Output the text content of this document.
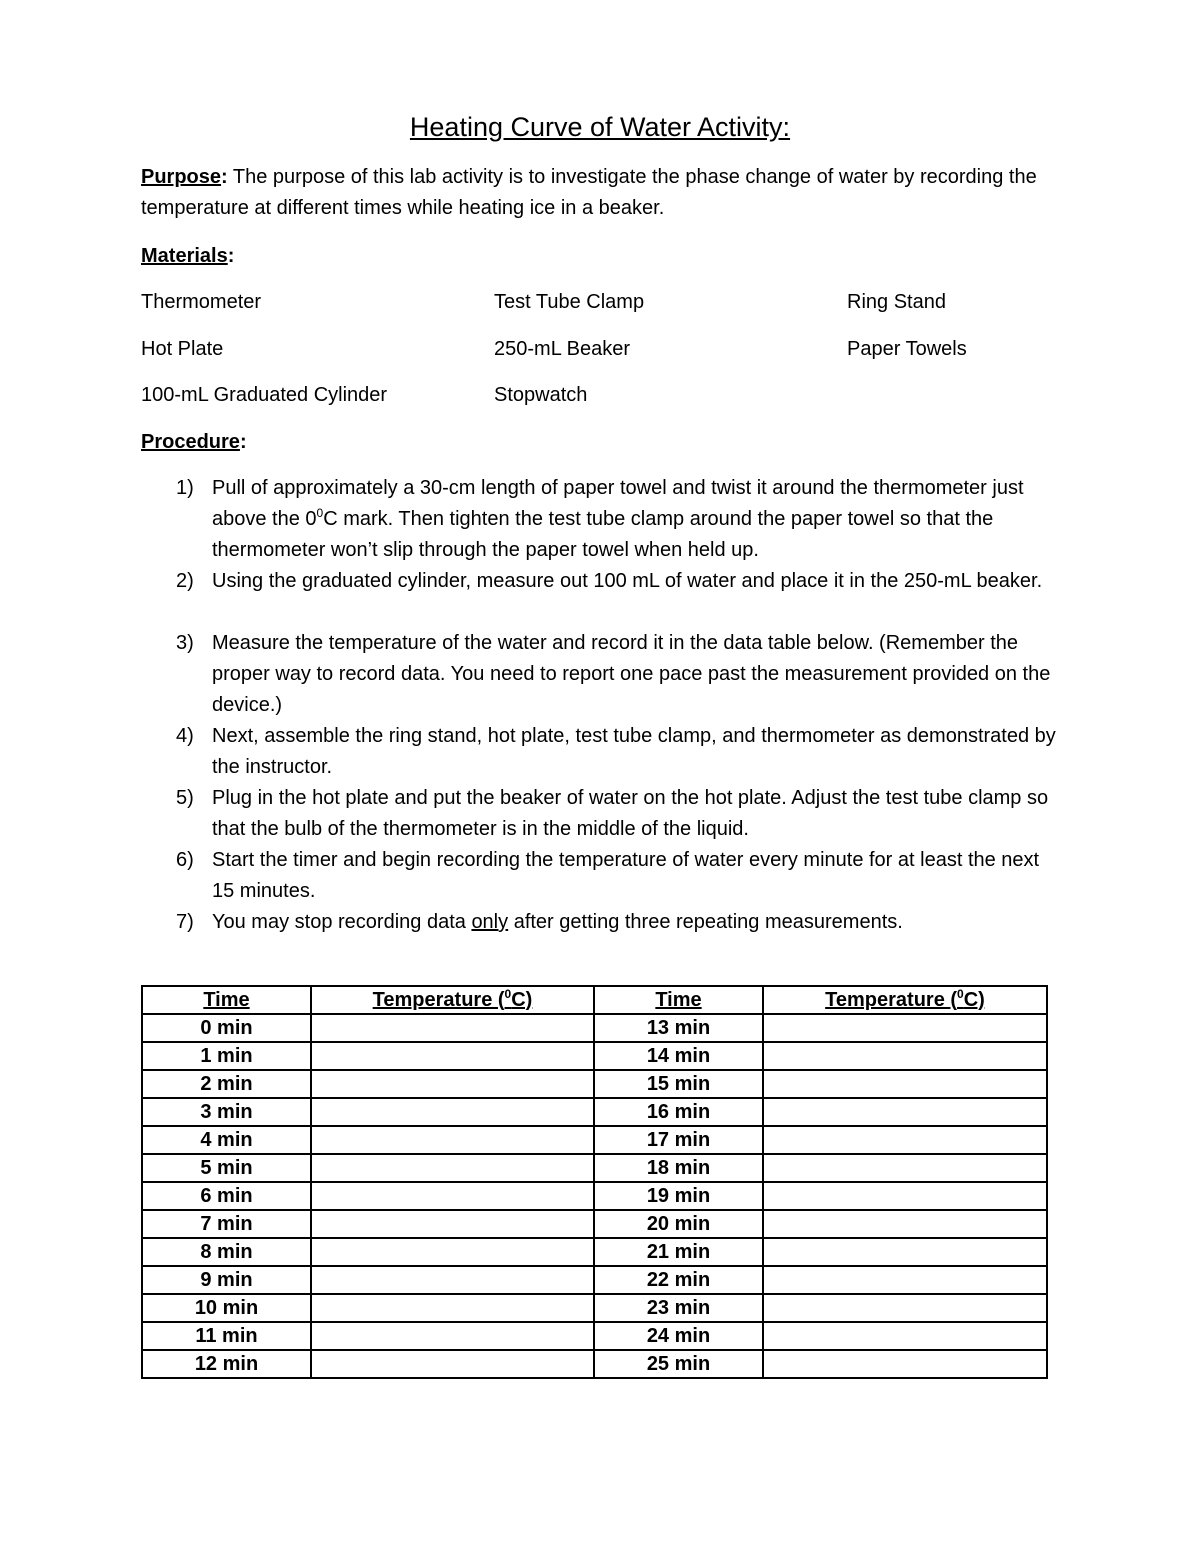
Heating Curve of Water Activity:
Purpose: The purpose of this lab activity is to investigate the phase change of water by recording the temperature at different times while heating ice in a beaker.
Materials:
Thermometer	Test Tube Clamp	Ring Stand
Hot Plate	250-mL Beaker	Paper Towels
100-mL Graduated Cylinder	Stopwatch
Procedure:
1) Pull of approximately a 30-cm length of paper towel and twist it around the thermometer just above the $0^0C$ mark. Then tighten the test tube clamp around the paper towel so that the thermometer won’t slip through the paper towel when held up.
2) Using the graduated cylinder, measure out 100 mL of water and place it in the 250-mL beaker.
3) Measure the temperature of the water and record it in the data table below. (Remember the proper way to record data. You need to report one pace past the measurement provided on the device.)
4) Next, assemble the ring stand, hot plate, test tube clamp, and thermometer as demonstrated by the instructor.
5) Plug in the hot plate and put the beaker of water on the hot plate. Adjust the test tube clamp so that the bulb of the thermometer is in the middle of the liquid.
6) Start the timer and begin recording the temperature of water every minute for at least the next 15 minutes.
7) You may stop recording data only after getting three repeating measurements.
Time	Temperature ($^0$C)	Time	Temperature ($^0$C)
0 min		13 min	
1 min		14 min	
2 min		15 min	
3 min		16 min	
4 min		17 min	
5 min		18 min	
6 min		19 min	
7 min		20 min	
8 min		21 min	
9 min		22 min	
10 min		23 min	
11 min		24 min	
12 min		25 min	
